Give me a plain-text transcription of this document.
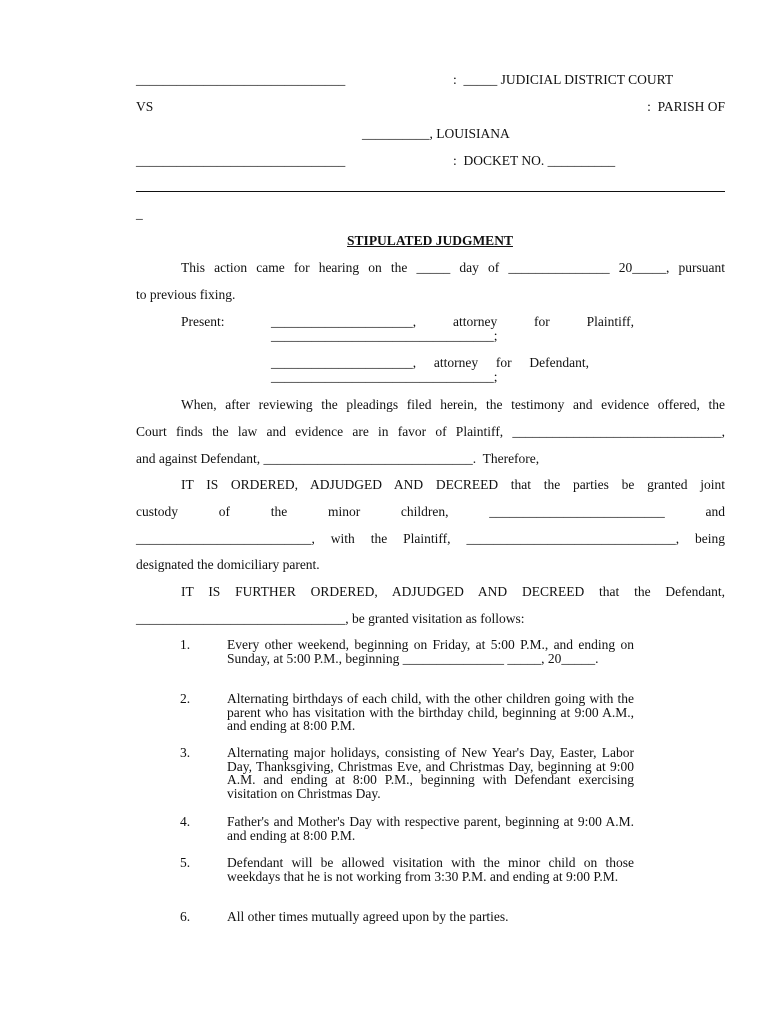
_______________________________	:  _____ JUDICIAL DISTRICT COURT
VS	:  PARISH OF
__________, LOUISIANA
_______________________________	:  DOCKET NO. __________
_
STIPULATED JUDGMENT
This action came for hearing on the _____ day of _______________ 20_____, pursuant
to previous fixing.
Present:	_____________________, attorney for Plaintiff,
_________________________________;
_____________________, attorney for Defendant,
_________________________________;
When, after reviewing the pleadings filed herein, the testimony and evidence offered, the
Court finds the law and evidence are in favor of Plaintiff, _______________________________,
and against Defendant, _______________________________.  Therefore,
IT IS ORDERED, ADJUDGED AND DECREED that the parties be granted joint
custody of the minor children, __________________________ and
__________________________, with the Plaintiff, _______________________________, being
designated the domiciliary parent.
IT IS FURTHER ORDERED, ADJUDGED AND DECREED that the Defendant,
_______________________________, be granted visitation as follows:
1.	Every other weekend, beginning on Friday, at 5:00 P.M., and ending on Sunday, at 5:00 P.M., beginning _______________ _____, 20_____.
2.	Alternating birthdays of each child, with the other children going with the parent who has visitation with the birthday child, beginning at 9:00 A.M., and ending at 8:00 P.M.
3.	Alternating major holidays, consisting of New Year's Day, Easter, Labor Day, Thanksgiving, Christmas Eve, and Christmas Day, beginning at 9:00 A.M. and ending at 8:00 P.M., beginning with Defendant exercising visitation on Christmas Day.
4.	Father's and Mother's Day with respective parent, beginning at 9:00 A.M. and ending at 8:00 P.M.
5.	Defendant will be allowed visitation with the minor child on those weekdays that he is not working from 3:30 P.M. and ending at 9:00 P.M.
6.	All other times mutually agreed upon by the parties.
